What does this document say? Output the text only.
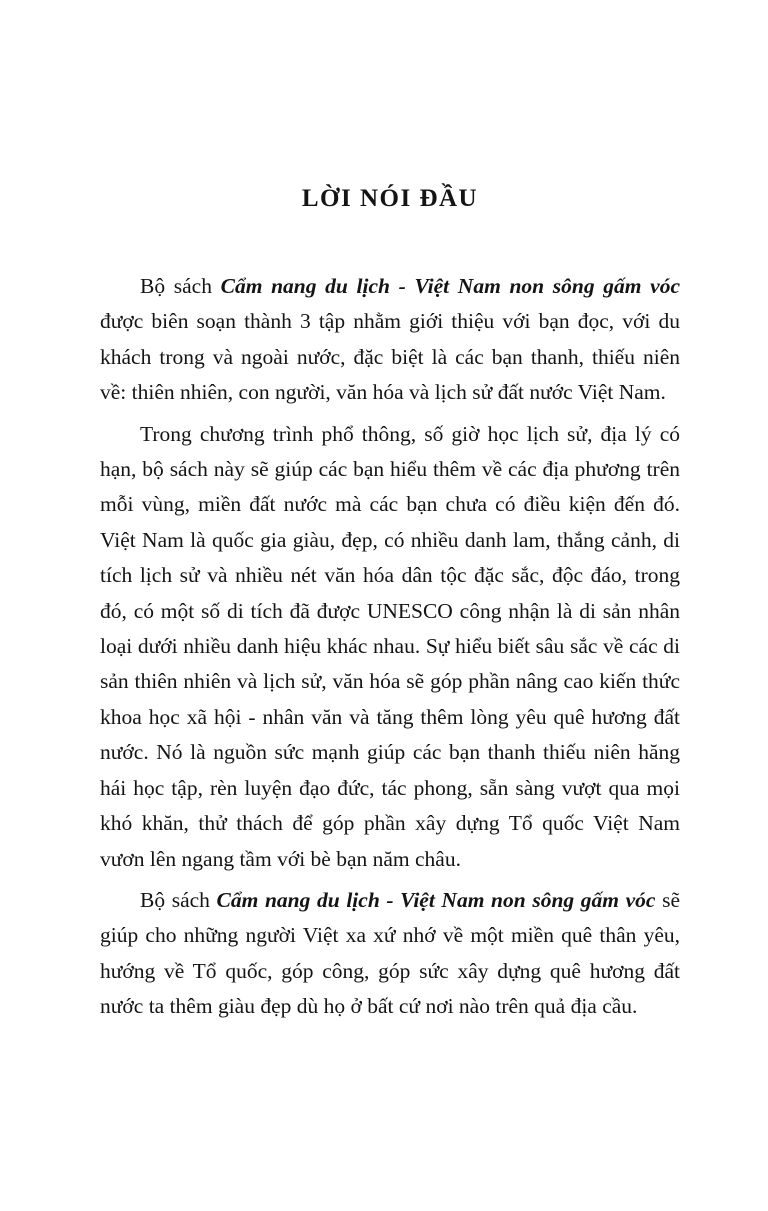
LỜI NÓI ĐẦU

Bộ sách Cẩm nang du lịch - Việt Nam non sông gấm vóc được biên soạn thành 3 tập nhằm giới thiệu với bạn đọc, với du khách trong và ngoài nước, đặc biệt là các bạn thanh, thiếu niên về: thiên nhiên, con người, văn hóa và lịch sử đất nước Việt Nam.

Trong chương trình phổ thông, số giờ học lịch sử, địa lý có hạn, bộ sách này sẽ giúp các bạn hiểu thêm về các địa phương trên mỗi vùng, miền đất nước mà các bạn chưa có điều kiện đến đó. Việt Nam là quốc gia giàu, đẹp, có nhiều danh lam, thắng cảnh, di tích lịch sử và nhiều nét văn hóa dân tộc đặc sắc, độc đáo, trong đó, có một số di tích đã được UNESCO công nhận là di sản nhân loại dưới nhiều danh hiệu khác nhau. Sự hiểu biết sâu sắc về các di sản thiên nhiên và lịch sử, văn hóa sẽ góp phần nâng cao kiến thức khoa học xã hội - nhân văn và tăng thêm lòng yêu quê hương đất nước. Nó là nguồn sức mạnh giúp các bạn thanh thiếu niên hăng hái học tập, rèn luyện đạo đức, tác phong, sẵn sàng vượt qua mọi khó khăn, thử thách để góp phần xây dựng Tổ quốc Việt Nam vươn lên ngang tầm với bè bạn năm châu.

Bộ sách Cẩm nang du lịch - Việt Nam non sông gấm vóc sẽ giúp cho những người Việt xa xứ nhớ về một miền quê thân yêu, hướng về Tổ quốc, góp công, góp sức xây dựng quê hương đất nước ta thêm giàu đẹp dù họ ở bất cứ nơi nào trên quả địa cầu.
